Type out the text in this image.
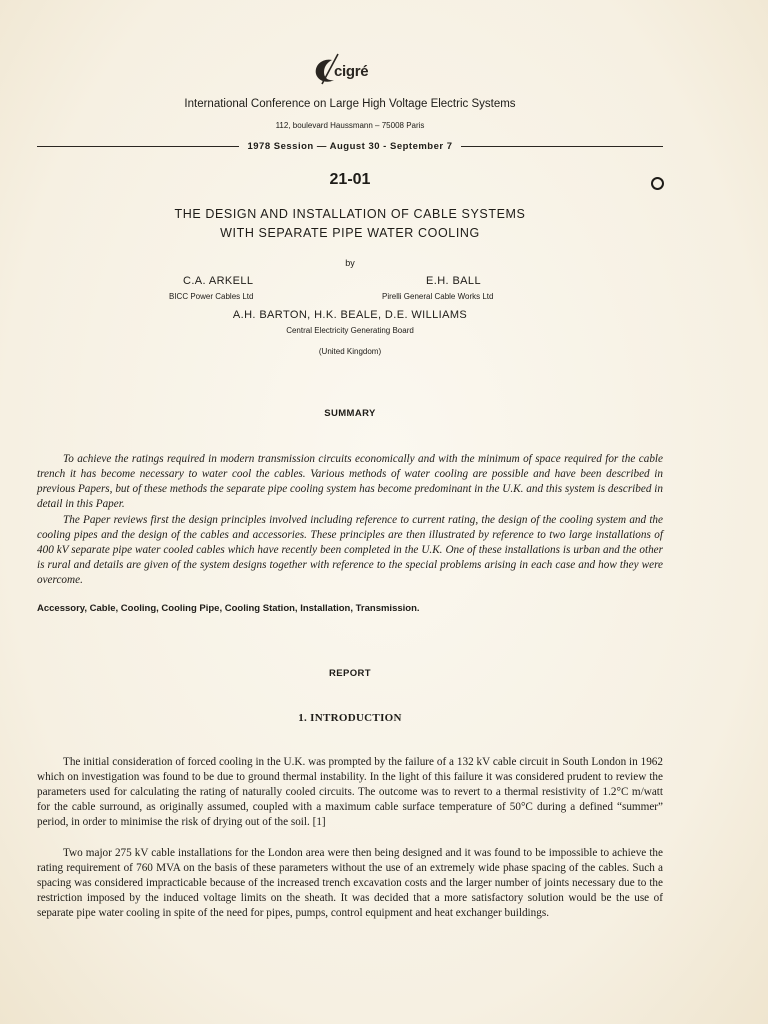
cigré
International Conference on Large High Voltage Electric Systems
112, boulevard Haussmann – 75008 Paris
1978 Session — August 30 - September 7
21-01
THE DESIGN AND INSTALLATION OF CABLE SYSTEMS
WITH SEPARATE PIPE WATER COOLING
by
C.A. ARKELL
BICC Power Cables Ltd
E.H. BALL
Pirelli General Cable Works Ltd
A.H. BARTON, H.K. BEALE, D.E. WILLIAMS
Central Electricity Generating Board
(United Kingdom)
SUMMARY

To achieve the ratings required in modern transmission circuits economically and with the minimum of space required for the cable trench it has become necessary to water cool the cables. Various methods of water cooling are possible and have been described in previous Papers, but of these methods the separate pipe cooling system has become predominant in the U.K. and this system is described in detail in this Paper.

The Paper reviews first the design principles involved including reference to current rating, the design of the cooling system and the cooling pipes and the design of the cables and accessories. These principles are then illustrated by reference to two large installations of 400 kV separate pipe water cooled cables which have recently been completed in the U.K. One of these installations is urban and the other is rural and details are given of the system designs together with reference to the special problems arising in each case and how they were overcome.

Accessory, Cable, Cooling, Cooling Pipe, Cooling Station, Installation, Transmission.
REPORT
1. INTRODUCTION

The initial consideration of forced cooling in the U.K. was prompted by the failure of a 132 kV cable circuit in South London in 1962 which on investigation was found to be due to ground thermal instability. In the light of this failure it was considered prudent to review the parameters used for calculating the rating of naturally cooled circuits. The outcome was to revert to a thermal resistivity of 1.2°C m/watt for the cable surround, as originally assumed, coupled with a maximum cable surface temperature of 50°C during a defined “summer” period, in order to minimise the risk of drying out of the soil. [1]

Two major 275 kV cable installations for the London area were then being designed and it was found to be impossible to achieve the rating requirement of 760 MVA on the basis of these parameters without the use of an extremely wide phase spacing of the cables. Such a spacing was considered impracticable because of the increased trench excavation costs and the larger number of joints necessary due to the restriction imposed by the induced voltage limits on the sheath. It was decided that a more satisfactory solution would be the use of separate pipe water cooling in spite of the need for pipes, pumps, control equipment and heat exchanger buildings.
